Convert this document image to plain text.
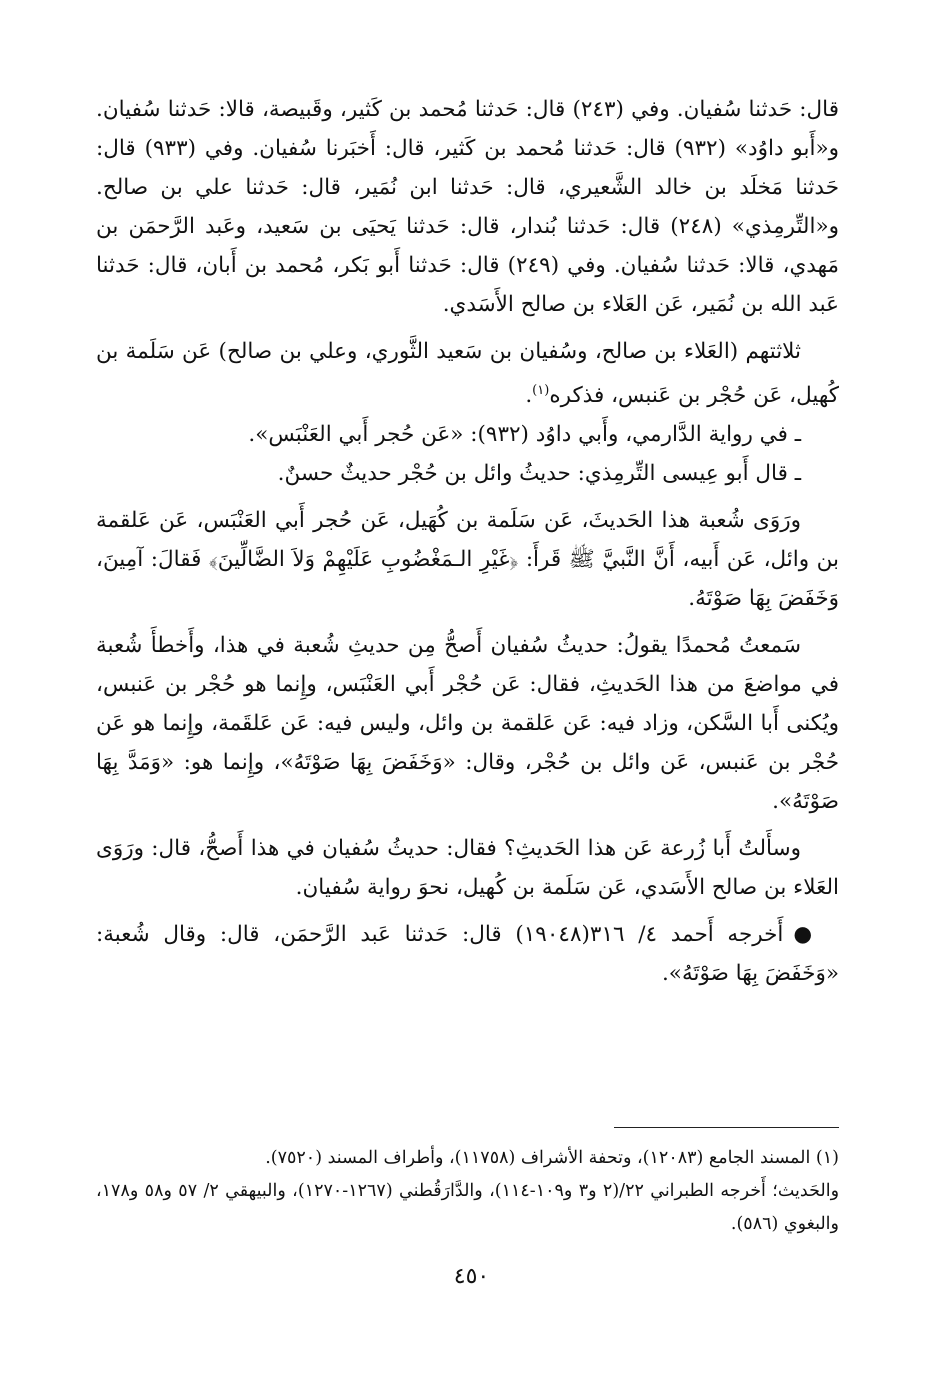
قال: حَدثنا سُفيان. وفي (٢٤٣) قال: حَدثنا مُحمد بن كَثير، وقَبيصة، قالا: حَدثنا سُفيان. و«أَبو داوُد» (٩٣٢) قال: حَدثنا مُحمد بن كَثير، قال: أَخبَرنا سُفيان. وفي (٩٣٣) قال: حَدثنا مَخلَد بن خالد الشَّعيري، قال: حَدثنا ابن نُمَير، قال: حَدثنا علي بن صالح. و«التِّرمِذي» (٢٤٨) قال: حَدثنا بُندار، قال: حَدثنا يَحيَى بن سَعيد، وعَبد الرَّحمَن بن مَهدي، قالا: حَدثنا سُفيان. وفي (٢٤٩) قال: حَدثنا أَبو بَكر، مُحمد بن أَبان، قال: حَدثنا عَبد الله بن نُمَير، عَن العَلاء بن صالح الأَسَدي.

ثلاثتهم (العَلاء بن صالح، وسُفيان بن سَعيد الثَّوري، وعلي بن صالح) عَن سَلَمة بن كُهيل، عَن حُجْر بن عَنبس، فذكره$^{(١)}$.

ـ في رواية الدَّارمي، وأَبي داوُد (٩٣٢): «عَن حُجر أَبي العَنْبَس».

ـ قال أَبو عِيسى التِّرمِذي: حديثُ وائل بن حُجْر حديثٌ حسنٌ.

ورَوَى شُعبة هذا الحَديثَ، عَن سَلَمة بن كُهَيل، عَن حُجر أَبي العَنْبَس، عَن عَلقمة بن وائل، عَن أَبيه، أَنَّ النَّبيَّ ﷺ قَرأَ: ﴿غَيْرِ الـمَغْضُوبِ عَلَيْهِمْ وَلاَ الضَّالِّينَ﴾ فَقالَ: آمِينَ، وَخَفَضَ بِهَا صَوْتَهُ.

سَمعتُ مُحمدًا يقولُ: حديثُ سُفيان أَصحُّ مِن حديثِ شُعبة في هذا، وأَخطأَ شُعبة في مواضعَ من هذا الحَديثِ، فقال: عَن حُجْر أَبي العَنْبَس، وإِنما هو حُجْر بن عَنبس، ويُكنى أَبا السَّكن، وزاد فيه: عَن عَلقمة بن وائل، وليس فيه: عَن عَلقَمة، وإِنما هو عَن حُجْر بن عَنبس، عَن وائل بن حُجْر، وقال: «وَخَفَضَ بِهَا صَوْتَهُ»، وإِنما هو: «وَمَدَّ بِهَا صَوْتَهُ».

وسأَلتُ أَبا زُرعة عَن هذا الحَديثِ؟ فقال: حديثُ سُفيان في هذا أَصحُّ، قال: ورَوَى العَلاء بن صالح الأَسَدي، عَن سَلَمة بن كُهيل، نحوَ رواية سُفيان.

●أَخرجه أَحمد ٤/ ٣١٦(١٩٠٤٨) قال: حَدثنا عَبد الرَّحمَن، قال: وقال شُعبة: «وَخَفَضَ بِهَا صَوْتَهُ».

(١) المسند الجامع (١٢٠٨٣)، وتحفة الأشراف (١١٧٥٨)، وأطراف المسند (٧٥٢٠).

والحَديث؛ أَخرجه الطبراني ٢٢/(٢ و٣ و١٠٩-١١٤)، والدَّارَقُطني (١٢٦٧-١٢٧٠)، والبيهقي ٢/ ٥٧ و٥٨ و١٧٨، والبغوي (٥٨٦).

٤٥٠
